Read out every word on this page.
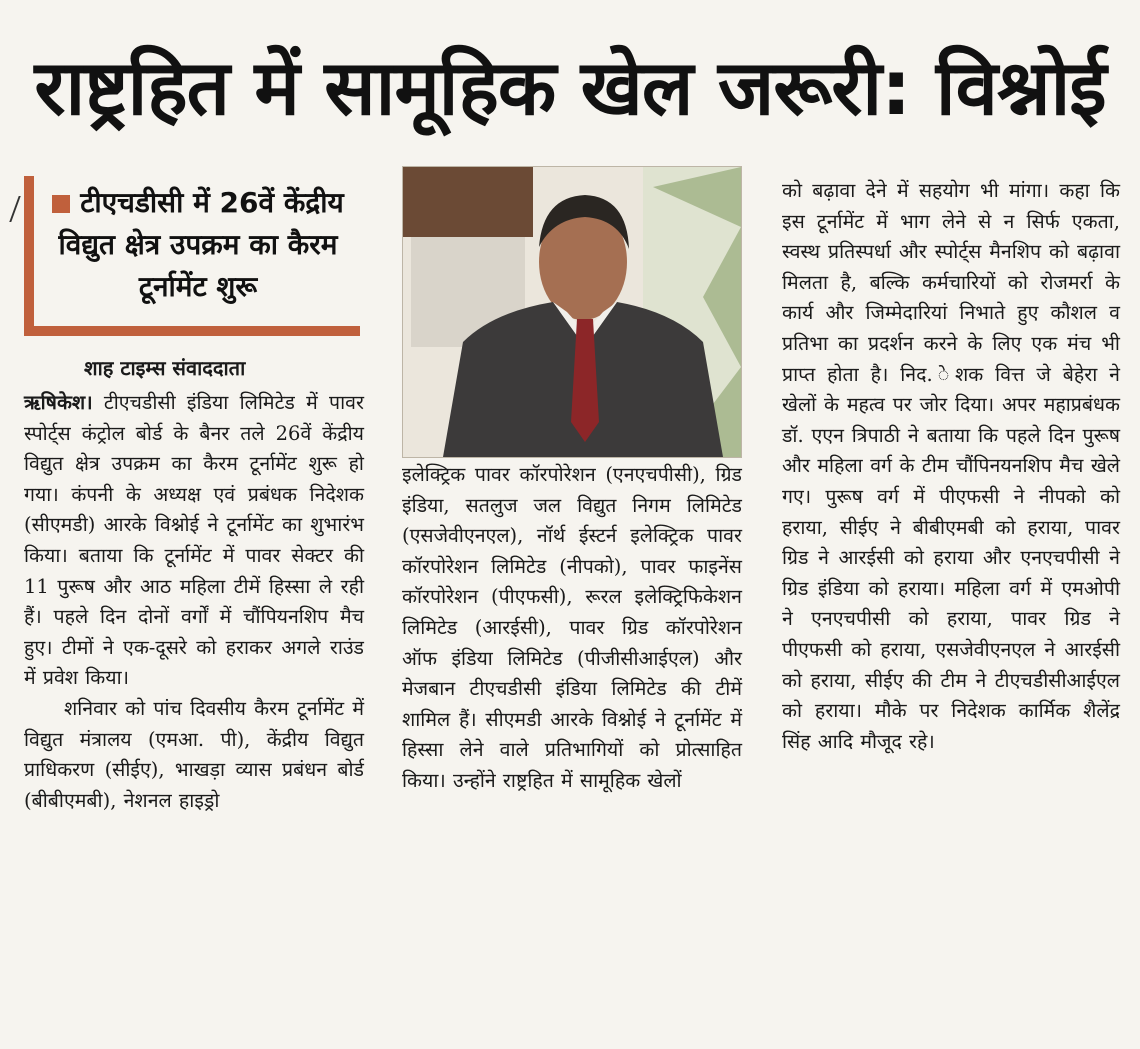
राष्ट्रहित में सामूहिक खेल जरूरी: विश्नोई
टीएचडीसी में 26वें केंद्रीय विद्युत क्षेत्र उपक्रम का कैरम टूर्नामेंट शुरू
शाह टाइम्स संवाददाता

ऋषिकेश। टीएचडीसी इंडिया लिमिटेड में पावर स्पोर्ट्स कंट्रोल बोर्ड के बैनर तले 26वें केंद्रीय विद्युत क्षेत्र उपक्रम का कैरम टूर्नामेंट शुरू हो गया। कंपनी के अध्यक्ष एवं प्रबंधक निदेशक (सीएमडी) आरके विश्नोई ने टूर्नामेंट का शुभारंभ किया। बताया कि टूर्नामेंट में पावर सेक्टर की 11 पुरूष और आठ महिला टीमें हिस्सा ले रही हैं। पहले दिन दोनों वर्गों में चौंपियनशिप मैच हुए। टीमों ने एक-दूसरे को हराकर अगले राउंड में प्रवेश किया।

शनिवार को पांच दिवसीय कैरम टूर्नामेंट में विद्युत मंत्रालय (एमआ. पी), केंद्रीय विद्युत प्राधिकरण (सीईए), भाखड़ा व्यास प्रबंधन बोर्ड (बीबीएमबी), नेशनल हाइड्रो

इलेक्ट्रिक पावर कॉरपोरेशन (एनएचपीसी), ग्रिड इंडिया, सतलुज जल विद्युत निगम लिमिटेड (एसजेवीएनएल), नॉर्थ ईस्टर्न इलेक्ट्रिक पावर कॉरपोरेशन लिमिटेड (नीपको), पावर फाइनेंस कॉरपोरेशन (पीएफसी), रूरल इलेक्ट्रिफिकेशन लिमिटेड (आरईसी), पावर ग्रिड कॉरपोरेशन ऑफ इंडिया लिमिटेड (पीजीसीआईएल) और मेजबान टीएचडीसी इंडिया लिमिटेड की टीमें शामिल हैं। सीएमडी आरके विश्नोई ने टूर्नामेंट में हिस्सा लेने वाले प्रतिभागियों को प्रोत्साहित किया। उन्होंने राष्ट्रहित में सामूहिक खेलों

को बढ़ावा देने में सहयोग भी मांगा। कहा कि इस टूर्नामेंट में भाग लेने से न सिर्फ एकता, स्वस्थ प्रतिस्पर्धा और स्पोर्ट्स मैनशिप को बढ़ावा मिलता है, बल्कि कर्मचारियों को रोजमर्रा के कार्य और जिम्मेदारियां निभाते हुए कौशल व प्रतिभा का प्रदर्शन करने के लिए एक मंच भी प्राप्त होता है। निद. ेशक वित्त जे बेहेरा ने खेलों के महत्व पर जोर दिया। अपर महाप्रबंधक डॉ. एएन त्रिपाठी ने बताया कि पहले दिन पुरूष और महिला वर्ग के टीम चौंपिनयनशिप मैच खेले गए। पुरूष वर्ग में पीएफसी ने नीपको को हराया, सीईए ने बीबीएमबी को हराया, पावर ग्रिड ने आरईसी को हराया और एनएचपीसी ने ग्रिड इंडिया को हराया। महिला वर्ग में एमओपी ने एनएचपीसी को हराया, पावर ग्रिड ने पीएफसी को हराया, एसजेवीएनएल ने आरईसी को हराया, सीईए की टीम ने टीएचडीसीआईएल को हराया। मौके पर निदेशक कार्मिक शैलेंद्र सिंह आदि मौजूद रहे।
